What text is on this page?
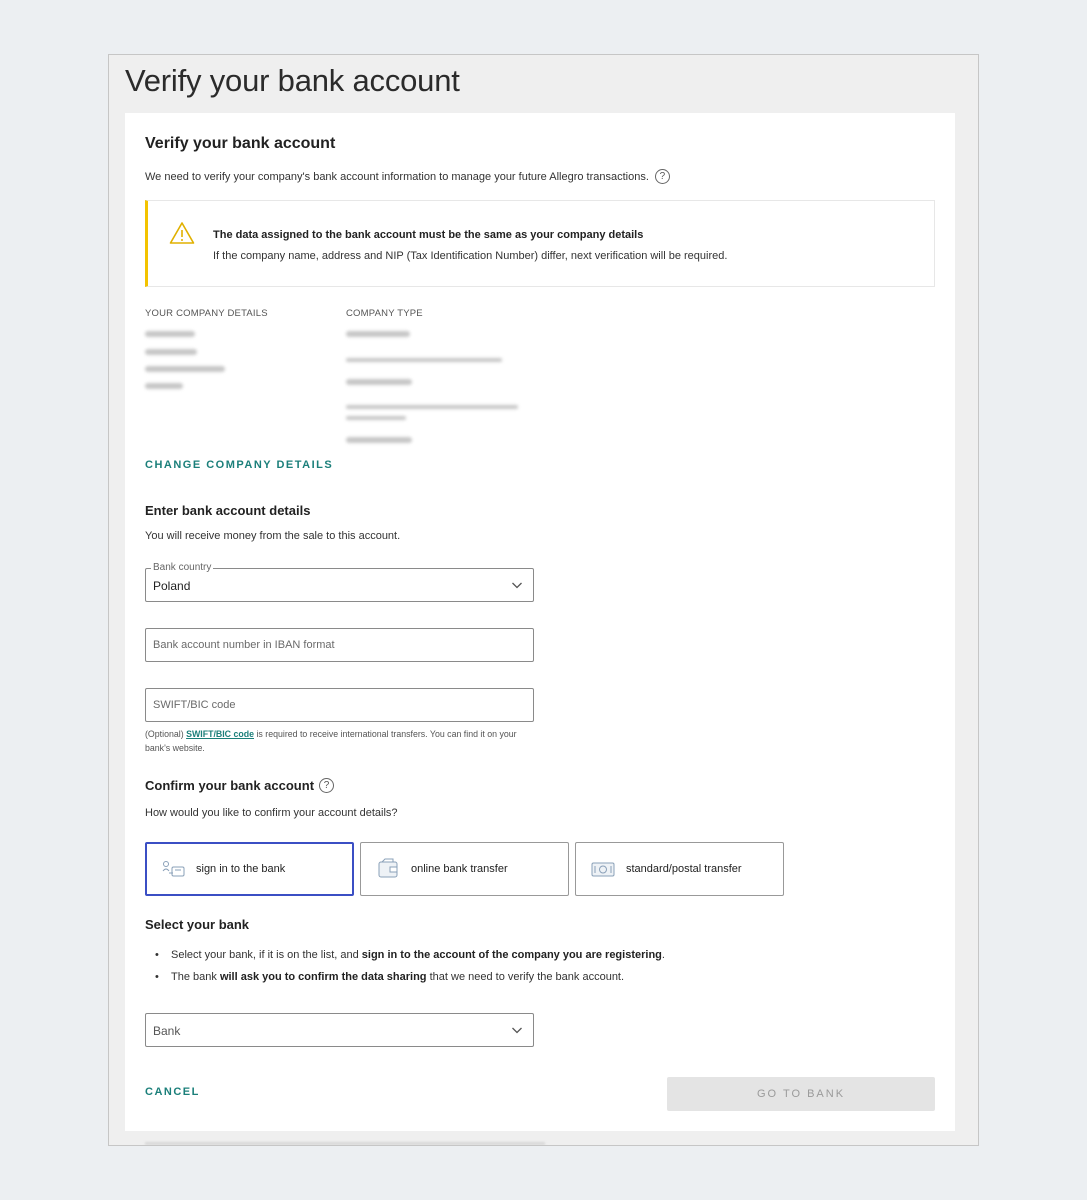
Verify your bank account
Verify your bank account
We need to verify your company's bank account information to manage your future Allegro transactions.	?
The data assigned to the bank account must be the same as your company details
If the company name, address and NIP (Tax Identification Number) differ, next verification will be required.
YOUR COMPANY DETAILS	COMPANY TYPE
CHANGE COMPANY DETAILS
Enter bank account details
You will receive money from the sale to this account.
Bank country
Poland
Bank account number in IBAN format
SWIFT/BIC code
(Optional) SWIFT/BIC code is required to receive international transfers. You can find it on your bank's website.
Confirm your bank account ?
How would you like to confirm your account details?
sign in to the bank	online bank transfer	standard/postal transfer
Select your bank
• Select your bank, if it is on the list, and sign in to the account of the company you are registering.
• The bank will ask you to confirm the data sharing that we need to verify the bank account.
Bank
CANCEL	GO TO BANK
